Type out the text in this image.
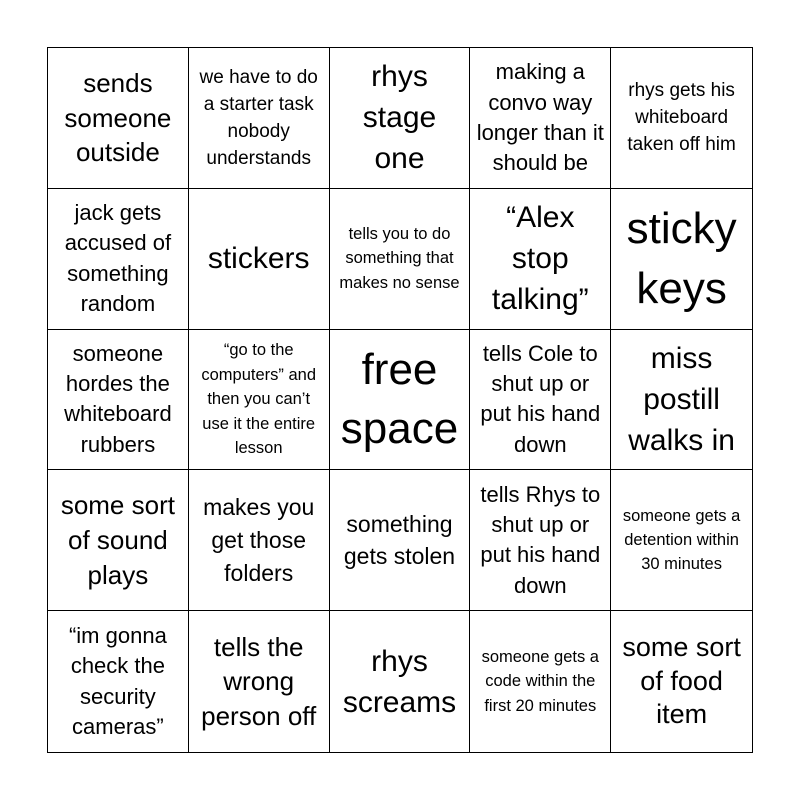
sends someone outside
we have to do a starter task nobody understands
rhys stage one
making a convo way longer than it should be
rhys gets his whiteboard taken off him
jack gets accused of something random
stickers
tells you to do something that makes no sense
“Alex stop talking”
sticky keys
someone hordes the whiteboard rubbers
“go to the computers” and then you can’t use it the entire lesson
free space
tells Cole to shut up or put his hand down
miss postill walks in
some sort of sound plays
makes you get those folders
something gets stolen
tells Rhys to shut up or put his hand down
someone gets a detention within 30 minutes
“im gonna check the security cameras”
tells the wrong person off
rhys screams
someone gets a code within the first 20 minutes
some sort of food item
